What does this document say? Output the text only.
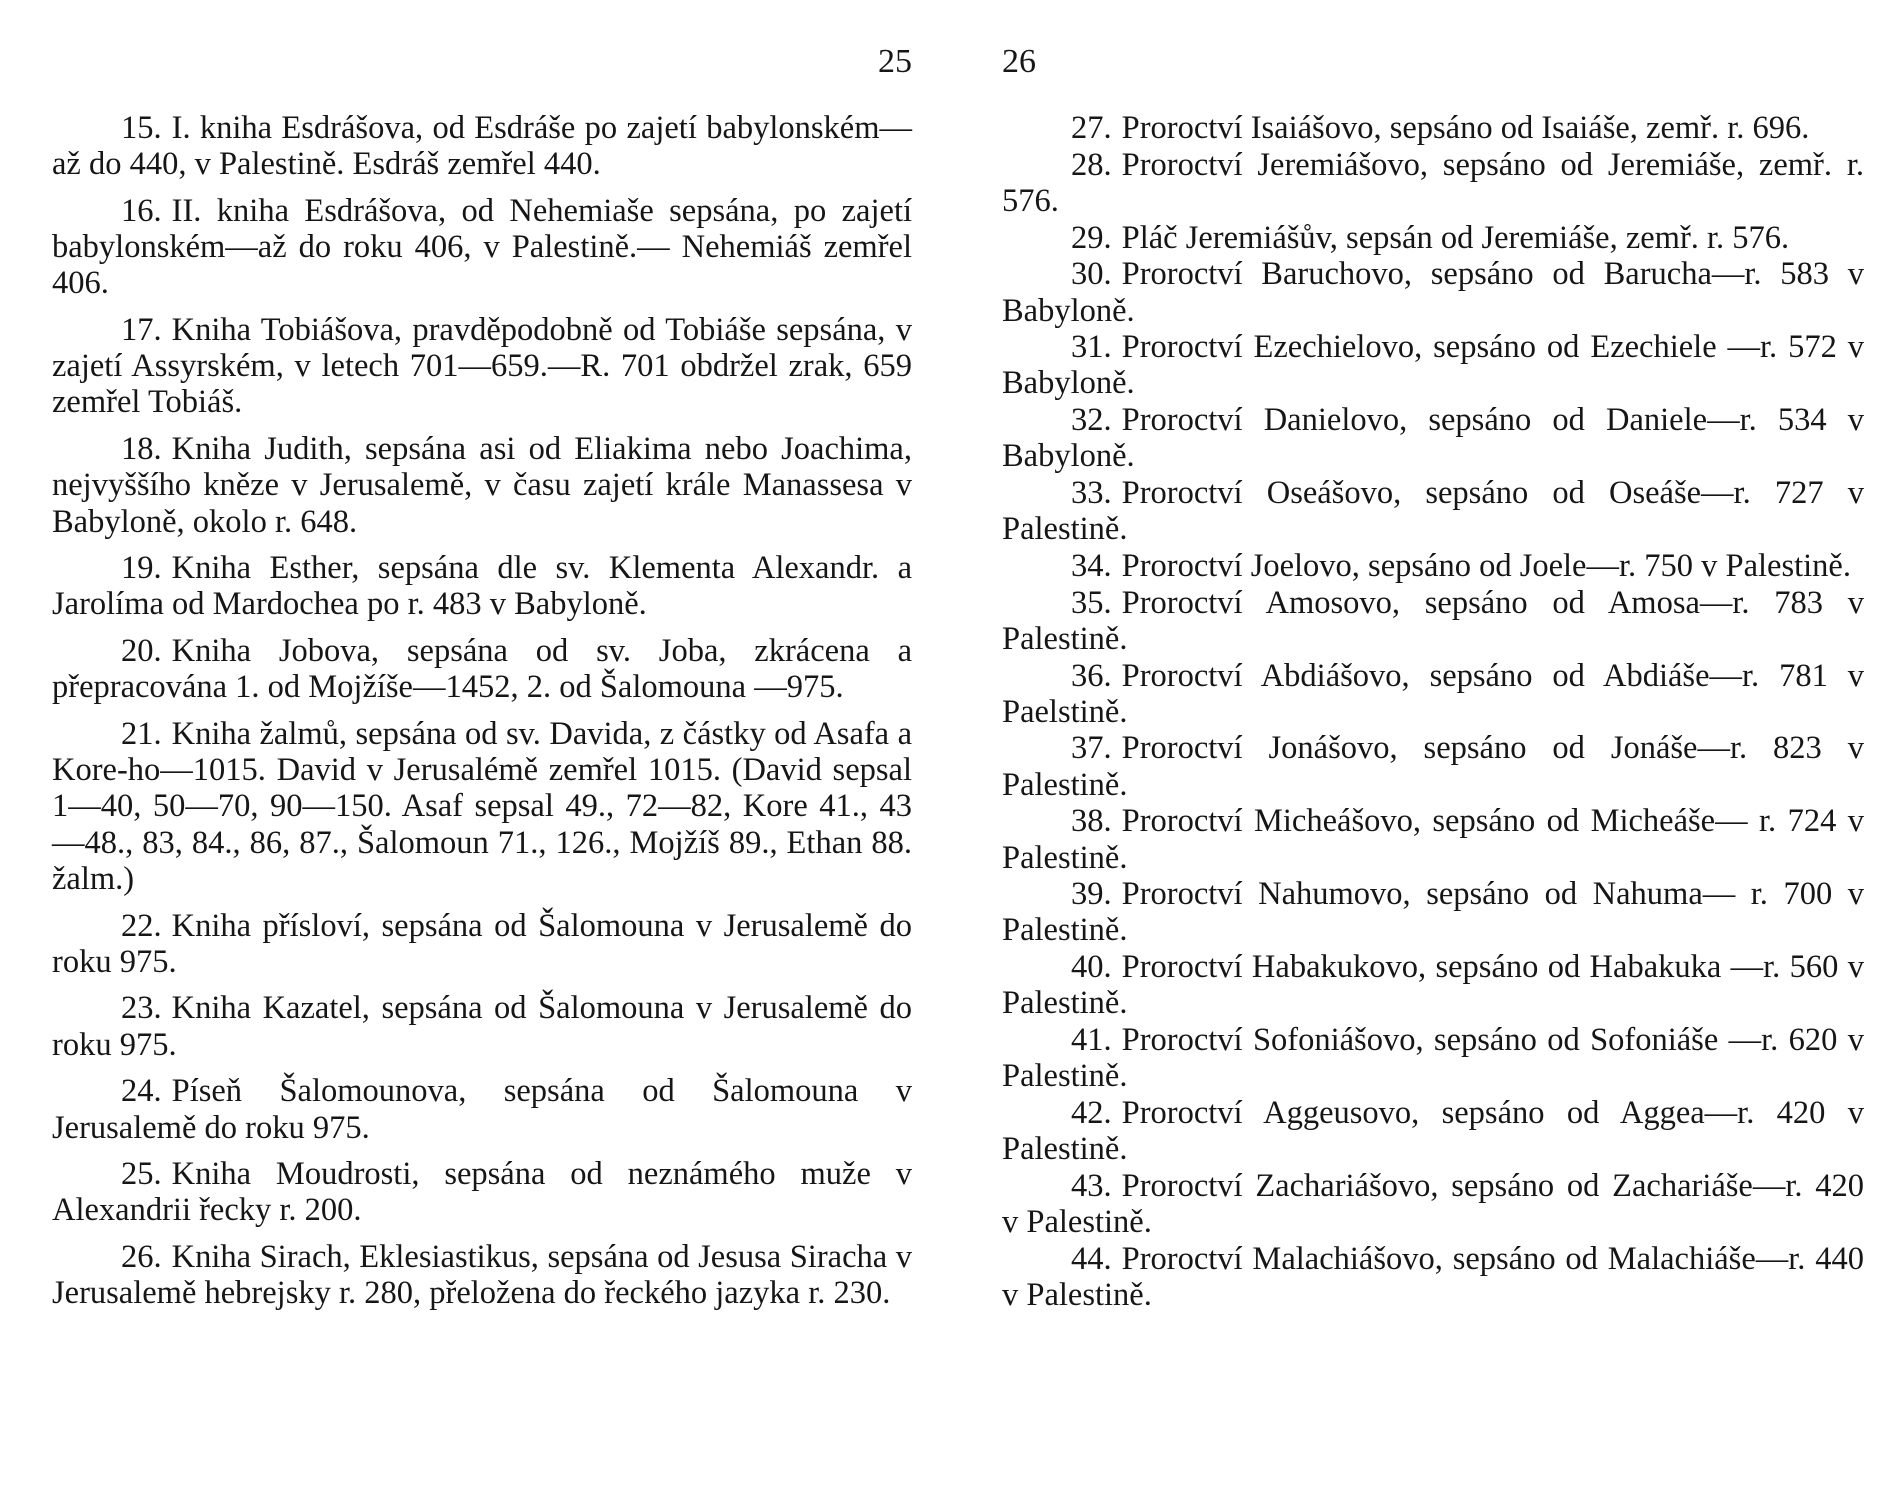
25

15. I. kniha Esdrášova, od Esdráše po zajetí babylonském—až do 440, v Palestině. Esdráš zemřel 440.

16. II. kniha Esdrášova, od Nehemiaše sepsána, po zajetí babylonském—až do roku 406, v Palestině.— Nehemiáš zemřel 406.

17. Kniha Tobiášova, pravděpodobně od Tobiáše sepsána, v zajetí Assyrském, v letech 701—659.—R. 701 obdržel zrak, 659 zemřel Tobiáš.

18. Kniha Judith, sepsána asi od Eliakima nebo Joachima, nejvyššího kněze v Jerusalemě, v času zajetí krále Manassesa v Babyloně, okolo r. 648.

19. Kniha Esther, sepsána dle sv. Klementa Alexandr. a Jarolíma od Mardochea po r. 483 v Babyloně.

20. Kniha Jobova, sepsána od sv. Joba, zkrácena a přepracována 1. od Mojžíše—1452, 2. od Šalomouna —975.

21. Kniha žalmů, sepsána od sv. Davida, z částky od Asafa a Kore-ho—1015. David v Jerusalémě zemřel 1015. (David sepsal 1—40, 50—70, 90—150. Asaf sepsal 49., 72—82, Kore 41., 43—48., 83, 84., 86, 87., Šalomoun 71., 126., Mojžíš 89., Ethan 88. žalm.)

22. Kniha přísloví, sepsána od Šalomouna v Jerusalemě do roku 975.

23. Kniha Kazatel, sepsána od Šalomouna v Jerusalemě do roku 975.

24. Píseň Šalomounova, sepsána od Šalomouna v Jerusalemě do roku 975.

25. Kniha Moudrosti, sepsána od neznámého muže v Alexandrii řecky r. 200.

26. Kniha Sirach, Eklesiastikus, sepsána od Jesusa Siracha v Jerusalemě hebrejsky r. 280, přeložena do řeckého jazyka r. 230.

26

27. Proroctví Isaiášovo, sepsáno od Isaiáše, zemř. r. 696.

28. Proroctví Jeremiášovo, sepsáno od Jeremiáše, zemř. r. 576.

29. Pláč Jeremiášův, sepsán od Jeremiáše, zemř. r. 576.

30. Proroctví Baruchovo, sepsáno od Barucha—r. 583 v Babyloně.

31. Proroctví Ezechielovo, sepsáno od Ezechiele —r. 572 v Babyloně.

32. Proroctví Danielovo, sepsáno od Daniele—r. 534 v Babyloně.

33. Proroctví Oseášovo, sepsáno od Oseáše—r. 727 v Palestině.

34. Proroctví Joelovo, sepsáno od Joele—r. 750 v Palestině.

35. Proroctví Amosovo, sepsáno od Amosa—r. 783 v Palestině.

36. Proroctví Abdiášovo, sepsáno od Abdiáše—r. 781 v Paelstině.

37. Proroctví Jonášovo, sepsáno od Jonáše—r. 823 v Palestině.

38. Proroctví Micheášovo, sepsáno od Micheáše— r. 724 v Palestině.

39. Proroctví Nahumovo, sepsáno od Nahuma— r. 700 v Palestině.

40. Proroctví Habakukovo, sepsáno od Habakuka —r. 560 v Palestině.

41. Proroctví Sofoniášovo, sepsáno od Sofoniáše —r. 620 v Palestině.

42. Proroctví Aggeusovo, sepsáno od Aggea—r. 420 v Palestině.

43. Proroctví Zachariášovo, sepsáno od Zachariáše—r. 420 v Palestině.

44. Proroctví Malachiášovo, sepsáno od Malachiáše—r. 440 v Palestině.
